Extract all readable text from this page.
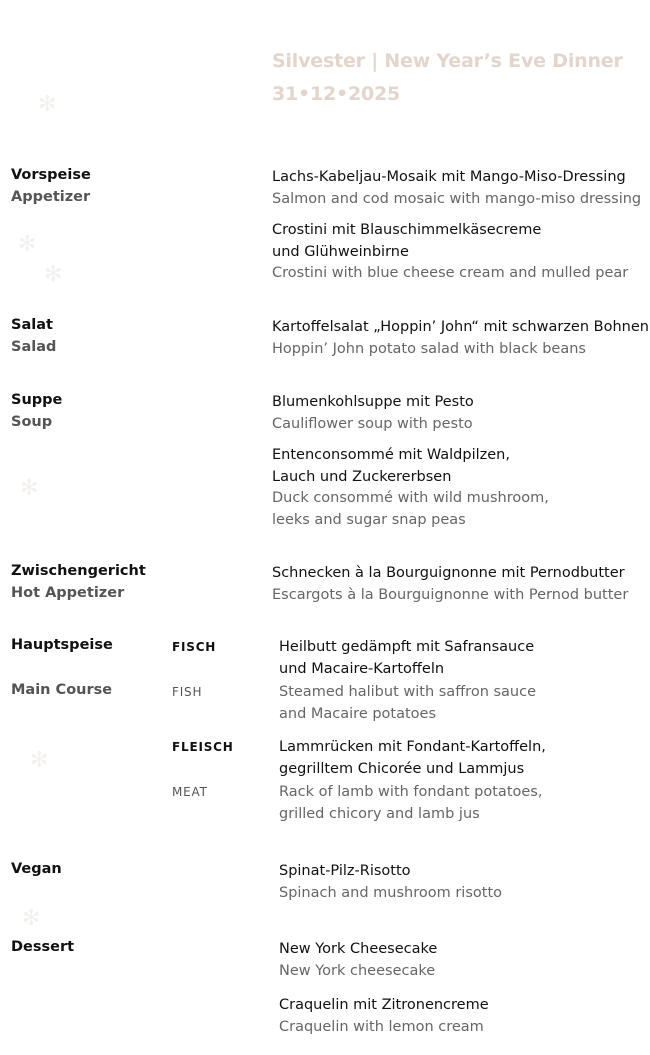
✻
✻
✻
✻
✻
✻
Silvester | New Year’s Eve Dinner
31•12•2025
Vorspeise
Appetizer
Lachs-Kabeljau-Mosaik mit Mango-Miso-Dressing
Salmon and cod mosaic with mango-miso dressing
Crostini mit Blauschimmelkäsecreme
und Glühweinbirne
Crostini with blue cheese cream and mulled pear
Salat
Salad
Kartoffelsalat „Hoppin’ John“ mit schwarzen Bohnen
Hoppin’ John potato salad with black beans
Suppe
Soup
Blumenkohlsuppe mit Pesto
Cauliflower soup with pesto
Entenconsommé mit Waldpilzen,
Lauch und Zuckererbsen
Duck consommé with wild mushroom,
leeks and sugar snap peas
Zwischengericht
Hot Appetizer
Schnecken à la Bourguignonne mit Pernodbutter
Escargots à la Bourguignonne with Pernod butter
Hauptspeise
Main Course
FISCH
FISH
Heilbutt gedämpft mit Safransauce
und Macaire-Kartoffeln
Steamed halibut with saffron sauce
and Macaire potatoes
FLEISCH
MEAT
Lammrücken mit Fondant-Kartoffeln,
gegrilltem Chicorée und Lammjus
Rack of lamb with fondant potatoes,
grilled chicory and lamb jus
Vegan	Spinat-Pilz-Risotto
Spinach and mushroom risotto
Dessert	New York Cheesecake
New York cheesecake
Craquelin mit Zitronencreme
Craquelin with lemon cream
